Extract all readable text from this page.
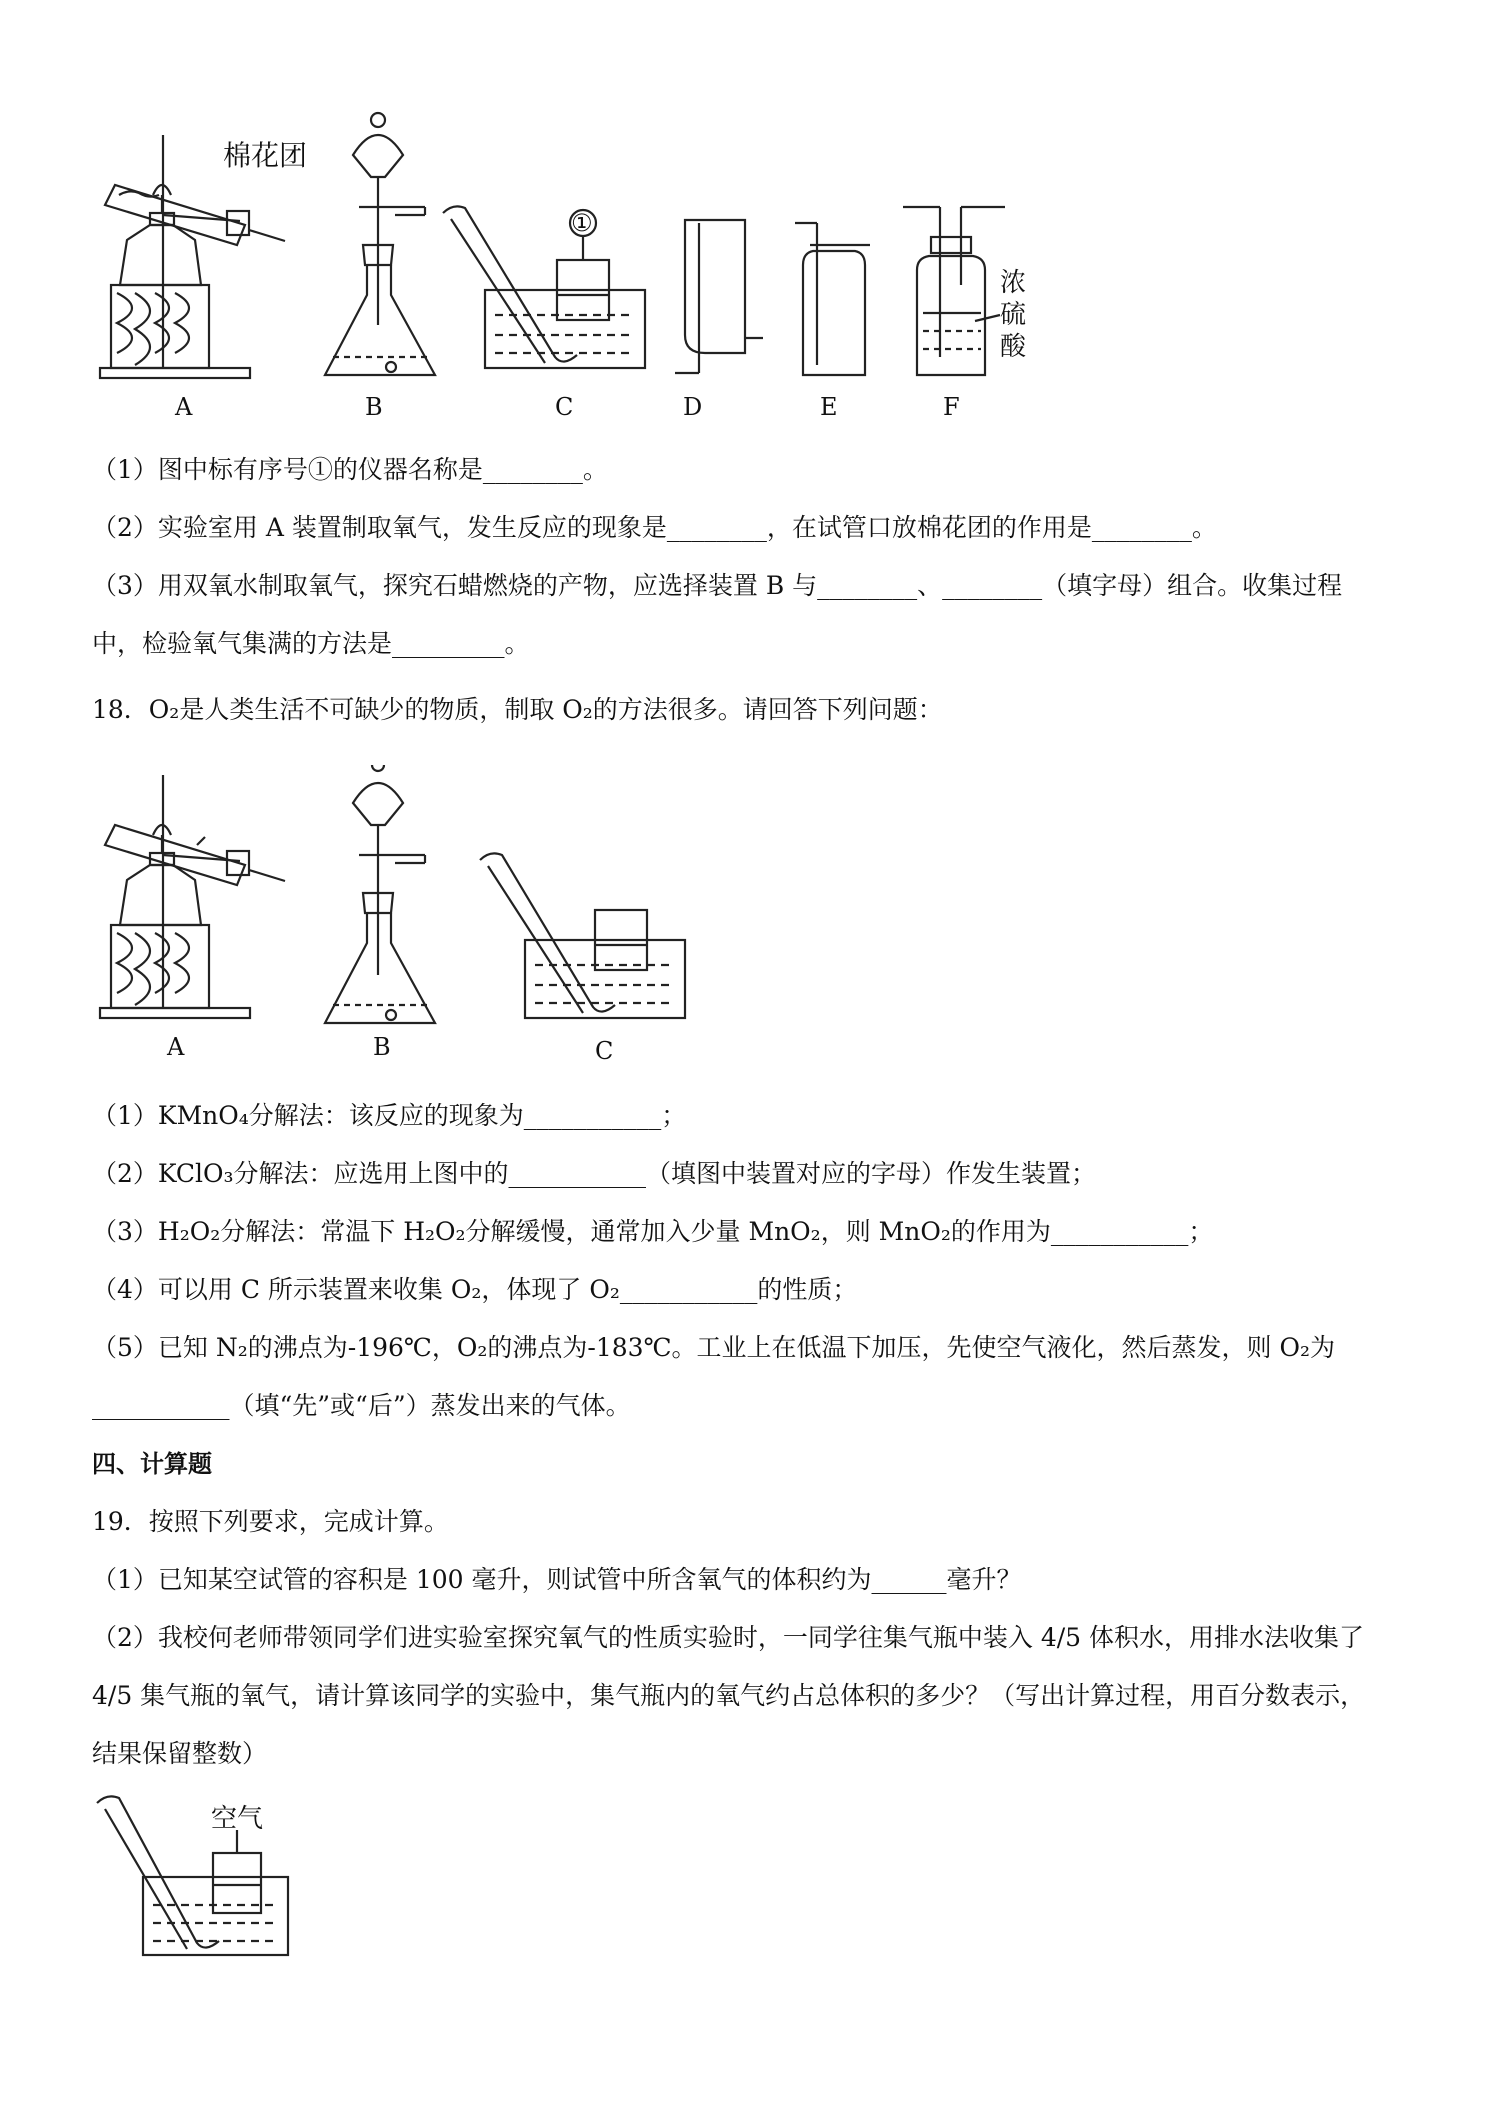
棉花团
①
浓
硫
酸
A	B	C	D	E	F
（1）图中标有序号①的仪器名称是________。
（2）实验室用 A 装置制取氧气，发生反应的现象是________，在试管口放棉花团的作用是________。
（3）用双氧水制取氧气，探究石蜡燃烧的产物，应选择装置 B 与________、________（填字母）组合。收集过程
中，检验氧气集满的方法是_________。
18．O₂是人类生活不可缺少的物质，制取 O₂的方法很多。请回答下列问题：
A	B	C
（1）KMnO₄分解法：该反应的现象为___________；
（2）KClO₃分解法：应选用上图中的___________（填图中装置对应的字母）作发生装置；
（3）H₂O₂分解法：常温下 H₂O₂分解缓慢，通常加入少量 MnO₂，则 MnO₂的作用为___________；
（4）可以用 C 所示装置来收集 O₂，体现了 O₂___________的性质；
（5）已知 N₂的沸点为-196℃，O₂的沸点为-183℃。工业上在低温下加压，先使空气液化，然后蒸发，则 O₂为
___________（填“先”或“后”）蒸发出来的气体。
四、计算题
19．按照下列要求，完成计算。
（1）已知某空试管的容积是 100 毫升，则试管中所含氧气的体积约为______毫升？
（2）我校何老师带领同学们进实验室探究氧气的性质实验时，一同学往集气瓶中装入 4/5 体积水，用排水法收集了
4/5 集气瓶的氧气，请计算该同学的实验中，集气瓶内的氧气约占总体积的多少？（写出计算过程，用百分数表示，
结果保留整数）
空气
